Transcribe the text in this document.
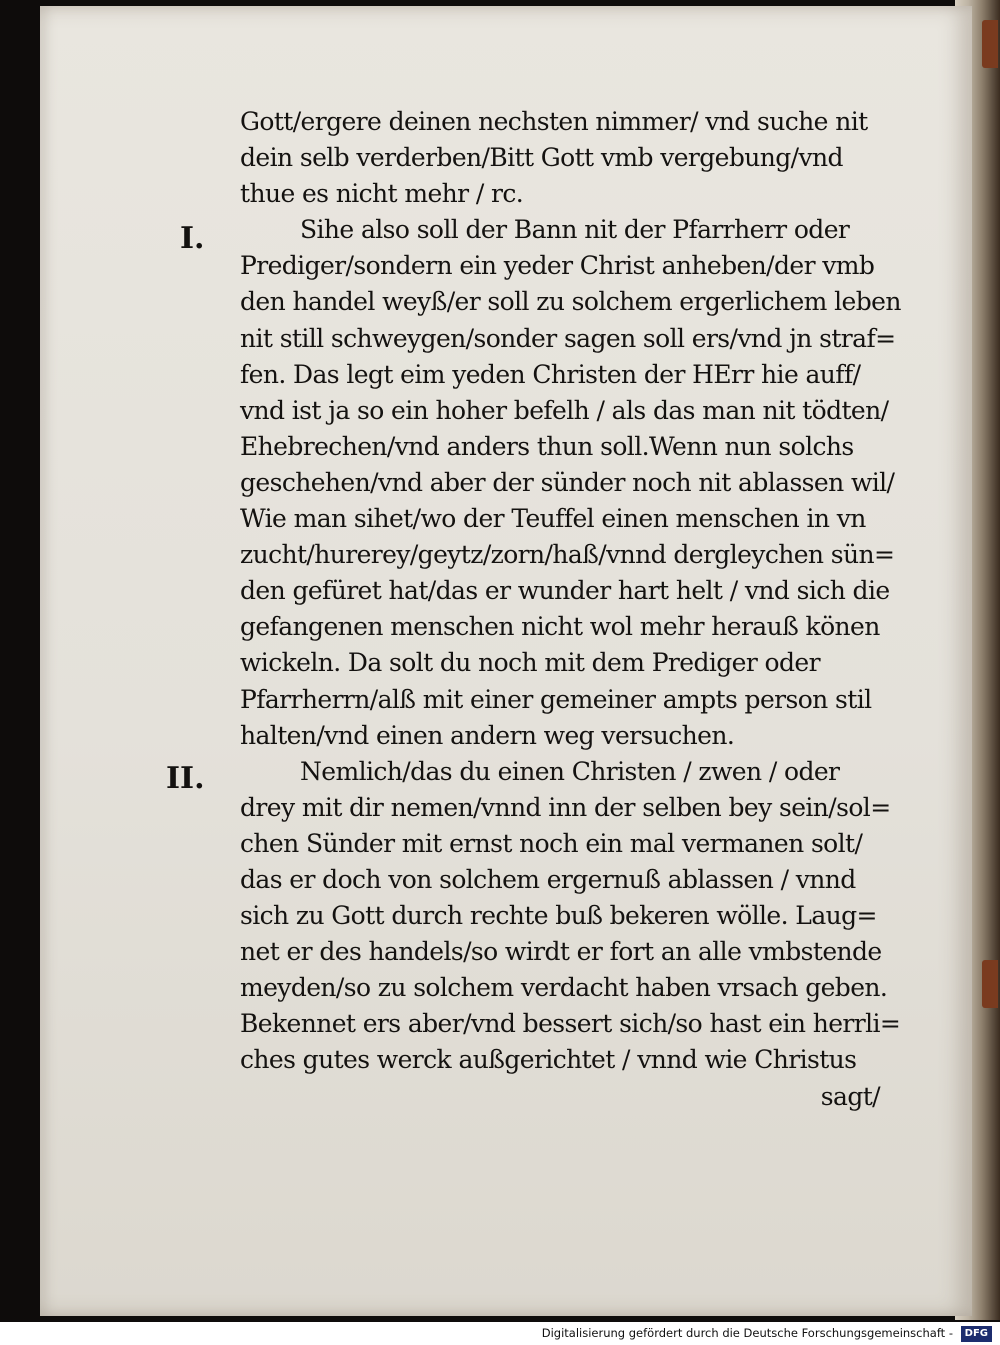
I.
II.
Gott/ergere deinen nechsten nimmer/ vnd suche nit
dein selb verderben/Bitt Gott vmb vergebung/vnd
thue es nicht mehr / rc.
Sihe also soll der Bann nit der Pfarrherr oder
Prediger/sondern ein yeder Christ anheben/der vmb
den handel weyß/er soll zu solchem ergerlichem leben
nit still schweygen/sonder sagen soll ers/vnd jn straf=
fen. Das legt eim yeden Christen der HErr hie auff/
vnd ist ja so ein hoher befelh / als das man nit tödten/
Ehebrechen/vnd anders thun soll.Wenn nun solchs
geschehen/vnd aber der sünder noch nit ablassen wil/
Wie man sihet/wo der Teuffel einen menschen in vn
zucht/hurerey/geytz/zorn/haß/vnnd dergleychen sün=
den gefüret hat/das er wunder hart helt / vnd sich die
gefangenen menschen nicht wol mehr herauß könen
wickeln. Da solt du noch mit dem Prediger oder
Pfarrherrn/alß mit einer gemeiner ampts person stil
halten/vnd einen andern weg versuchen.
Nemlich/das du einen Christen / zwen / oder
drey mit dir nemen/vnnd inn der selben bey sein/sol=
chen Sünder mit ernst noch ein mal vermanen solt/
das er doch von solchem ergernuß ablassen / vnnd
sich zu Gott durch rechte buß bekeren wölle. Laug=
net er des handels/so wirdt er fort an alle vmbstende
meyden/so zu solchem verdacht haben vrsach geben.
Bekennet ers aber/vnd bessert sich/so hast ein herrli=
ches gutes werck außgerichtet / vnnd wie Christus
sagt/
Digitalisierung gefördert durch die Deutsche Forschungsgemeinschaft - DFG
